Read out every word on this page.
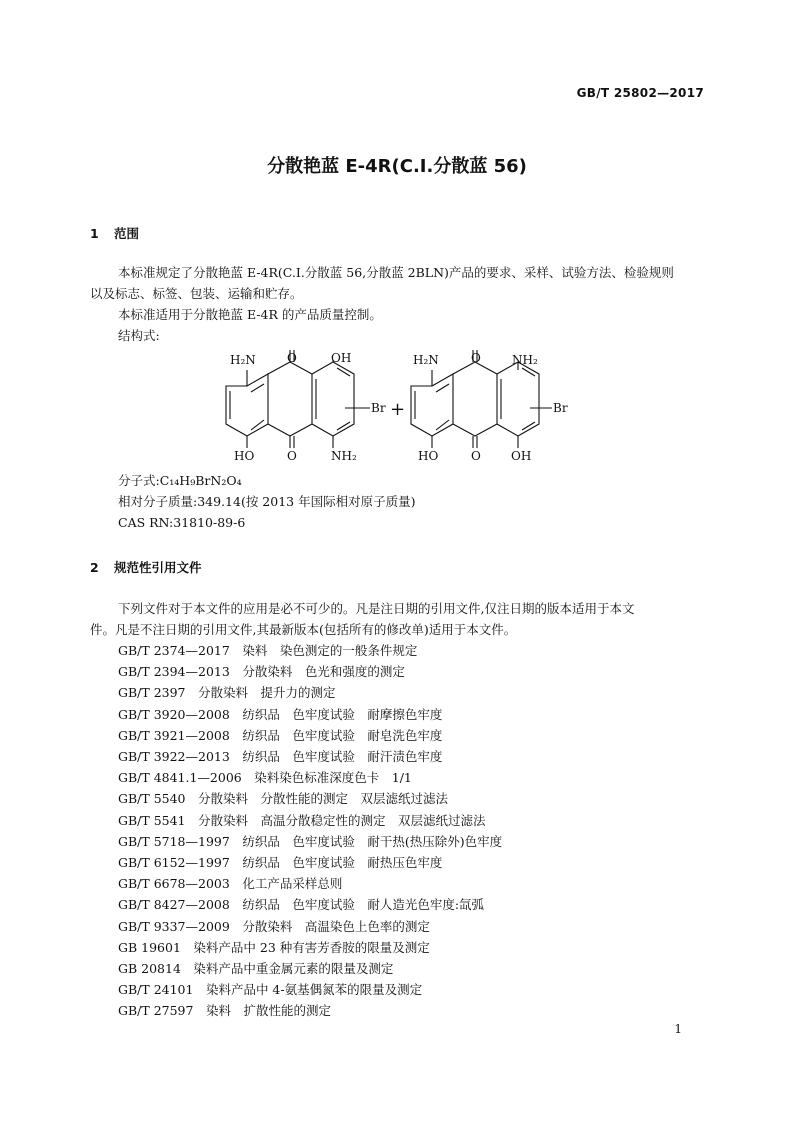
GB/T 25802—2017
分散艳蓝 E-4R(C.I.分散蓝 56)
1 范围
本标准规定了分散艳蓝 E-4R(C.I.分散蓝 56,分散蓝 2BLN)产品的要求、采样、试验方法、检验规则
以及标志、标签、包装、运输和贮存。
本标准适用于分散艳蓝 E-4R 的产品质量控制。
结构式:
H₂N	O	OH
HO	O	NH₂
Br +
H₂N	O	NH₂
HO	O	OH
Br
分子式:C₁₄H₉BrN₂O₄
相对分子质量:349.14(按 2013 年国际相对原子质量)
CAS RN:31810-89-6
2 规范性引用文件
下列文件对于本文件的应用是必不可少的。凡是注日期的引用文件,仅注日期的版本适用于本文
件。凡是不注日期的引用文件,其最新版本(包括所有的修改单)适用于本文件。
GB/T 2374—2017　染料　染色测定的一般条件规定
GB/T 2394—2013　分散染料　色光和强度的测定
GB/T 2397　分散染料　提升力的测定
GB/T 3920—2008　纺织品　色牢度试验　耐摩擦色牢度
GB/T 3921—2008　纺织品　色牢度试验　耐皂洗色牢度
GB/T 3922—2013　纺织品　色牢度试验　耐汗渍色牢度
GB/T 4841.1—2006　染料染色标准深度色卡　1/1
GB/T 5540　分散染料　分散性能的测定　双层滤纸过滤法
GB/T 5541　分散染料　高温分散稳定性的测定　双层滤纸过滤法
GB/T 5718—1997　纺织品　色牢度试验　耐干热(热压除外)色牢度
GB/T 6152—1997　纺织品　色牢度试验　耐热压色牢度
GB/T 6678—2003　化工产品采样总则
GB/T 8427—2008　纺织品　色牢度试验　耐人造光色牢度:氙弧
GB/T 9337—2009　分散染料　高温染色上色率的测定
GB 19601　染料产品中 23 种有害芳香胺的限量及测定
GB 20814　染料产品中重金属元素的限量及测定
GB/T 24101　染料产品中 4-氨基偶氮苯的限量及测定
GB/T 27597　染料　扩散性能的测定
1
